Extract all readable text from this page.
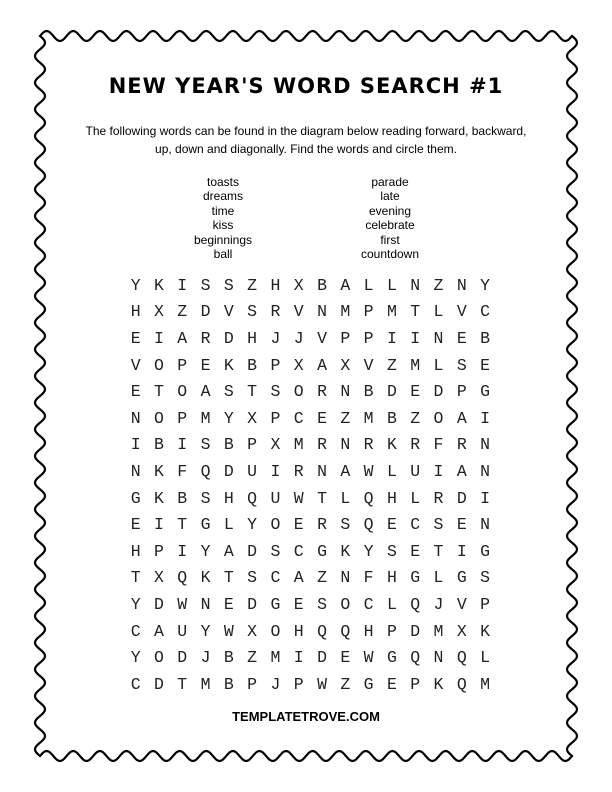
NEW YEAR'S WORD SEARCH #1
The following words can be found in the diagram below reading forward, backward, up, down and diagonally. Find the words and circle them.
toasts
dreams
time
kiss
beginnings
ball
parade
late
evening
celebrate
first
countdown
Y K I S S Z H X B A L L N Z N Y
H X Z D V S R V N M P M T L V C
E I A R D H J J V P P I I N E B
V O P E K B P X A X V Z M L S E
E T O A S T S O R N B D E D P G
N O P M Y X P C E Z M B Z O A I
I B I S B P X M R N R K R F R N
N K F Q D U I R N A W L U I A N
G K B S H Q U W T L Q H L R D I
E I T G L Y O E R S Q E C S E N
H P I Y A D S C G K Y S E T I G
T X Q K T S C A Z N F H G L G S
Y D W N E D G E S O C L Q J V P
C A U Y W X O H Q Q H P D M X K
Y O D J B Z M I D E W G Q N Q L
C D T M B P J P W Z G E P K Q M
TEMPLATETROVE.COM
